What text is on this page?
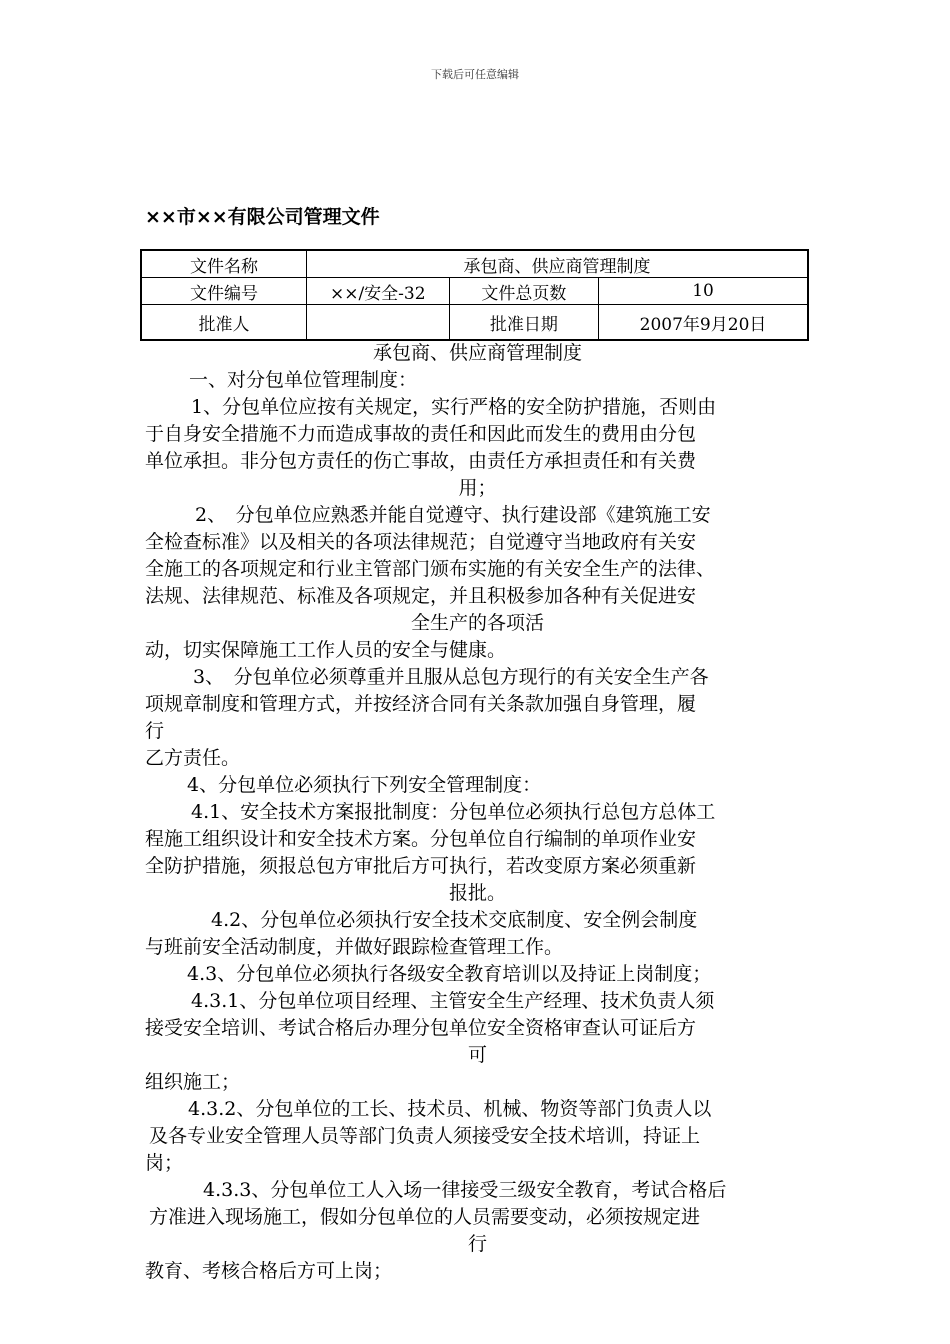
下载后可任意编辑
××市××有限公司管理文件
文件名称	承包商、供应商管理制度		
文件编号	××/安全-32	文件总页数	10
批准人		批准日期	2007年9月20日
承包商、供应商管理制度
一、对分包单位管理制度：
1、分包单位应按有关规定，实行严格的安全防护措施，否则由
于自身安全措施不力而造成事故的责任和因此而发生的费用由分包
单位承担。非分包方责任的伤亡事故，由责任方承担责任和有关费
用；
2、　分包单位应熟悉并能自觉遵守、执行建设部《建筑施工安
全检查标准》以及相关的各项法律规范；自觉遵守当地政府有关安
全施工的各项规定和行业主管部门颁布实施的有关安全生产的法律、
法规、法律规范、标准及各项规定，并且积极参加各种有关促进安
全生产的各项活
动，切实保障施工工作人员的安全与健康。
3、　分包单位必须尊重并且服从总包方现行的有关安全生产各
项规章制度和管理方式，并按经济合同有关条款加强自身管理，履
行
乙方责任。
4、分包单位必须执行下列安全管理制度：
4.1、安全技术方案报批制度：分包单位必须执行总包方总体工
程施工组织设计和安全技术方案。分包单位自行编制的单项作业安
全防护措施，须报总包方审批后方可执行，若改变原方案必须重新
报批。
4.2、分包单位必须执行安全技术交底制度、安全例会制度
与班前安全活动制度，并做好跟踪检查管理工作。
4.3、分包单位必须执行各级安全教育培训以及持证上岗制度；
4.3.1、分包单位项目经理、主管安全生产经理、技术负责人须
接受安全培训、考试合格后办理分包单位安全资格审查认可证后方
可
组织施工；
4.3.2、分包单位的工长、技术员、机械、物资等部门负责人以
及各专业安全管理人员等部门负责人须接受安全技术培训，持证上
岗；
4.3.3、分包单位工人入场一律接受三级安全教育，考试合格后
方准进入现场施工，假如分包单位的人员需要变动，必须按规定进
行
教育、考核合格后方可上岗；
